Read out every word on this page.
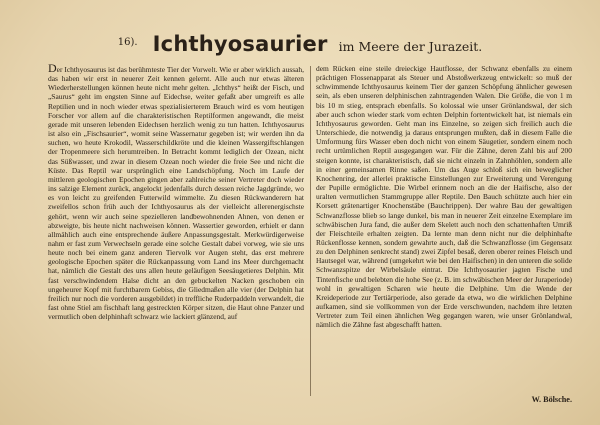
$^{16).}$ Ichthyosaurier im Meere der Jurazeit.

Der Ichthyosaurus ist das berühmteste Tier der Vorwelt. Wie er aber wirklich aussah, das haben wir erst in neuerer Zeit kennen gelernt. Alle auch nur etwas älteren Wiederherstellungen können heute nicht mehr gelten. „Ichthys“ heißt der Fisch, und „Saurus“ geht im engsten Sinne auf Eidechse, weiter gefaßt aber umgreift es alle Reptilien und in noch wieder etwas spezialisierterem Brauch wird es vom heutigen Forscher vor allem auf die charakteristischen Reptilformen angewandt, die meist gerade mit unseren lebenden Eidechsen herzlich wenig zu tun hatten. Ichthyosaurus ist also ein „Fischsaurier“, womit seine Wassernatur gegeben ist; wir werden ihn da suchen, wo heute Krokodil, Wasserschildkröte und die kleinen Wassergiftschlangen der Tropenmeere sich herumtreiben. In Betracht kommt lediglich der Ozean, nicht das Süßwasser, und zwar in diesem Ozean noch wieder die freie See und nicht die Küste. Das Reptil war ursprünglich eine Landschöpfung. Noch im Laufe der mittleren geologischen Epochen gingen aber zahlreiche seiner Vertreter doch wieder ins salzige Element zurück, angelockt jedenfalls durch dessen reiche Jagdgründe, wo es von leicht zu greifenden Futterwild wimmelte. Zu diesen Rückwanderern hat zweifellos schon früh auch der Ichthyosaurus als der vielleicht allerenergischste gehört, wenn wir auch seine spezielleren landbewohnenden Ahnen, von denen er abzweigte, bis heute nicht nachweisen können. Wassertier geworden, erhielt er dann allmählich auch eine entsprechende äußere Anpassungsgestalt. Merkwürdigerweise nahm er fast zum Verwechseln gerade eine solche Gestalt dabei vorweg, wie sie uns heute noch bei einem ganz anderen Tiervolk vor Augen steht, das erst mehrere geologische Epochen später die Rückanpassung vom Land ins Meer durchgemacht hat, nämlich die Gestalt des uns allen heute geläufigen Seesäugetieres Delphin. Mit fast verschwindendem Halse dicht an den gebuckelten Nacken geschoben ein ungeheurer Kopf mit furchtbarem Gebiss, die Gliedmaßen alle vier (der Delphin hat freilich nur noch die vorderen ausgebildet) in treffliche Ruderpaddeln verwandelt, die fast ohne Stiel am fischhaft lang gestreckten Körper sitzen, die Haut ohne Panzer und vermutlich oben delphinhaft schwarz wie lackiert glänzend, auf

dem Rücken eine steile dreieckige Hautflosse, der Schwanz ebenfalls zu einem prächtigen Flossenapparat als Steuer und Abstoßwerkzeug entwickelt: so muß der schwimmende Ichthyosaurus keinem Tier der ganzen Schöpfung ähnlicher gewesen sein, als eben unseren delphinischen zahntragenden Walen. Die Größe, die von 1 m bis 10 m stieg, entsprach ebenfalls. So kolossal wie unser Grönlandswal, der sich aber auch schon wieder stark vom echten Delphin fortentwickelt hat, ist niemals ein Ichthyosaurus geworden. Geht man ins Einzelne, so zeigen sich freilich auch die Unterschiede, die notwendig ja daraus entsprungen mußten, daß in diesem Falle die Umformung fürs Wasser eben doch nicht von einem Säugetier, sondern einem noch recht urtümlichen Reptil ausgegangen war. Für die Zähne, deren Zahl bis auf 200 steigen konnte, ist charakteristisch, daß sie nicht einzeln in Zahnhöhlen, sondern alle in einer gemeinsamen Rinne saßen. Um das Auge schloß sich ein beweglicher Knochenring, der allerlei praktische Einstellungen zur Erweiterung und Verengung der Pupille ermöglichte. Die Wirbel erinnern noch an die der Haifische, also der uralten vermutlichen Stammgruppe aller Reptile. Den Bauch schützte auch hier ein Korsett grätenartiger Knochenstäbe (Bauchrippen). Der wahre Bau der gewaltigen Schwanzflosse blieb so lange dunkel, bis man in neuerer Zeit einzelne Exemplare im schwäbischen Jura fand, die außer dem Skelett auch noch den schattenhaften Umriß der Fleischteile erhalten zeigten. Da lernte man denn nicht nur die delphinhafte Rückenflosse kennen, sondern gewahrte auch, daß die Schwanzflosse (im Gegensatz zu den Delphinen senkrecht stand) zwei Zipfel besaß, deren oberer reines Fleisch und Hautsegel war, während (umgekehrt wie bei den Haifischen) in den unteren die solide Schwanzspitze der Wirbelsäule eintrat. Die Ichthyosaurier jagten Fische und Tintenfische und belebten die hohe See (z. B. im schwäbischen Meer der Juraperiode) wohl in gewaltigen Scharen wie heute die Delphine. Um die Wende der Kreideperiode zur Tertiärperiode, also gerade da etwa, wo die wirklichen Delphine aufkamen, sind sie vollkommen von der Erde verschwunden, nachdem ihre letzten Vertreter zum Teil einen ähnlichen Weg gegangen waren, wie unser Grönlandwal, nämlich die Zähne fast abgeschafft hatten.

W. Bölsche.
